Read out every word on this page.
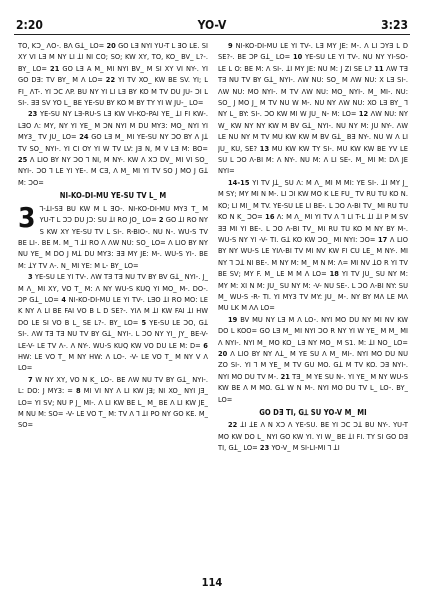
2:20	YO-V	3:23

TO, KƆ_ ΛO-. BΛ GꞱ_ LO= 20 GO LƎ NYI YU-T L ƎO LE. SI XY VI LƎ M NY LI ꞱI NI CO; SO; KW XY, TO, KO_ BV_ L?-. BY_ LO= 21 GO LƎ A M_ MI NYI BV_ M SI XY VI NY-. YI GO DƎ: TV BY_ M Λ LO= 22 YI TV XO_ KW BE SV. YI; L FI_ ΛT-. YI ƆC ΛP. BU NY YI LI LƎ BY KO M TV DU JU- ƆI L SI-. ƎƎ SV YO L_ BE YE-SU BY KO M BY TY YI W JU-_ LO=

23 YE-SU NY LƎ-RU-S LƎ KW VI-KO-PAI YE_ ꞱI FI KW-. LƎO Λ: MY, NY YI YE_ M ƆN NYI M DU MY3: MO_ NYI YI MY3_ TV JU_ LO= 24 GO LƎ M_ MI YE-SU NY ƆO BY Λ JꞱ TV SO_ NYI-. YI CI OY YI W TV LV: JƎ N, M V LƎ M: BO= 25 Λ LIO BY NY ƆO Ꞁ NI, M NY-. KW Λ XƆ DV_ MI VI SO_ NYI-. ƆO Ꞁ LE YI YE-. M CƎ, Λ M_ MI YI TV SO J MO J GꞱ M: ƆO=

NI-KO-DI-MU YE-SU TV L_ M
3 Ꞁ-ꞱI-SƎ BU KW M L ƎO-. NI-KO-DI-MU MY3 T_ M YU-T L ƆƆ DU JƆ: SU ꞱI RO JO_ LO= 2 GO ꞱI RO NY S KW XY YE-SU TV L SI-. R-BIO-. NU N-. WU-S TV BE LI-. BE M. M_ Ꞁ ꞱI RO Λ ΛW NU: SO_ LO= Λ LIO BY NY NU YE_ M DO J MꞱ DU MY3: ƎƎ MY JE: M-. WU-S YI-. BE M: ꞱY TV Λ-. N_ MI YE: M L- BY_ LO=

3 YE-SU LE YI TV-. ΛW TƎ TƎ NU TV BY BV GꞱ_ NYI-. J_ M Λ_ MI XY, VO T_ M: Λ NY WU-S KUQ YI MO_ M-. DO-. ƆP GꞱ_ LO= 4 NI-KO-DI-MU LE YI TV-. LƎO ꞱI RO MO: LE K NY Λ LI BE FAI VO B L D SE?-. YIΛ M ꞱI KW FAI ꞱI HW DO LE SI VO B L_ SE L?-. BY_ LO= 5 YE-SU LE ƆO, GꞱ SI-. ΛW TƎ TƎ NU TV BY GꞱ_ NYI-. L ƆO NY YI_ JY_ BE-V- LE-V- LE TV Λ-. Λ NY-. WU-S KUQ KW VO DU LE M: D= 6 HW: LE VO T_ M NY HW: Λ LO-. -V- LE VO T_ M NY V Λ LO=

7 W NY XY, VO N K_ LO-. BE ΛW NU TV BY GꞱ_ NYI-. L: DO: J MY3: = 8 MI VI NY Λ LI KW JƎ; NI XO_ NYI JƎ_ LO= YI SV; NU P J_ MI-. Λ LI KW BE L_ M_ BE Λ LI KW JE_ M NU M: SO= -V- LE VO T_ M: TV Λ Ꞁ ꞱI PO NY GO KE. M_ SO=

9 NI-KO-DI-MU LE YI TV-. LƎ MY JE: M-. Λ LI ƆYƎ L D SE?-. BE ƆP GꞱ_ LO= 10 YE-SU LE YI TV-. NU NY YI-SO-LE L O: BE M: Λ SI-. ꞱI MY JE: NU M: J ZI SE L? 11 ΛW TƎ TƎ NU TV BY GꞱ_ NYI-. ΛW NU: SO_ M ΛW NU: X LƎ SI-. ΛW NU: MO NYI-. M TV ΛW NU: MO_ NYI-. M_ MI-. NU: SO_ J MO J_ M TV NU W M-. NU NY ΛW NU: XO LƎ BY_ Ꞁ NY L_ BY: SI-. ƆO KW MI W JU_ N- M: LO= 12 ΛW NU: NY W_ KW NY NY KW M BV GꞱ_ NYI-. NU NY M: JU NY-. ΛW LE NU NY M TV MU KW KW M BV GꞱ_ BƎ NY-. NU W Λ LI JU_ KU, SE? 13 MU KW KW TY SI-. MU KW KW BE YV LE SU L ƆO Λ-BI M: Λ NY-. NU M: Λ LI SE-. M_ MI M: DΛ JE NYI=

14-15 YI TV JꞱ_ SU Λ: M Λ_ MI M MI: YE SI-. ꞱI MY J_ M SY; MY MI N M-. LI ƆI KW MO K LE FU_ TV RU TU KO N. KO; LI MI_ M TV. YE-SU LE LI BE-. L ƆO Λ-BI TV_ MI RU TU KO N K_ ƆO= 16 Λ: M Λ_ MI YI TV Λ Ꞁ LI T-L ꞱI ꞱI P M SV ƎƎ MI YI BE-. L ƆO Λ-BI TV_ MI RU TU KO M NY BY M-. WU-S NY YI -V- TI. GꞱ KO KW ƆO_ MI NYI: ƆO= 17 Λ LIO BY NY WU-S LE YIΛ-BI TV MI NV KW FI CU LE_ M NY-. MI NY Ꞁ ƆꞱ NI BE-. M NY M: M_ M N M: Λ= MI NV ꞱO R YI TV BE SV; MY F. M_ LE M M Λ LO= 18 YI TV JU_ SU NY M: MY M: XI N M: JU_ SU NY M: -V- NU SE-. L ƆO Λ-BI NY: SU M_ WU-S -R- TI. YI MY3 TV MY: JU_ M-. NY BY MΛ LE MΛ MU LK M ΛΛ LO=

19 BV MU NY LƎ M Λ LO-. NYI MO DU NY MI NV KW DO L KOO= GO LƎ M_ MI NYI ƆO R NY YI W YE_ M M_ MI Λ NYI-. NYI M_ MO KO_ LƎ NY MO_ M S1. M: ꞱI NO_ LO= 20 Λ LIO BY NY ΛꞱ_ M YE SU Λ M_ MI-. NYI MO DU NU ZO SI-. YI Ꞁ M YE_ M TV GU MO. GꞱ M TV KO. ƆƎ NYI-. NYI MO DU TV M-. 21 TƎ_ M YE SU N-. YI YE_ M NY WU-S KW BE Λ M MO. GꞱ W N M-. NYI MO DU TV L_ LO-. BY_ LO=

GO DƎ TI, GꞱ SU YO-V M_ MI

22 ꞱI ꞱE Λ N XƆ Λ YE-SU. BE YI ƆC ƆꞱ BU NY-. YU-T MO KW DO L_ NYI GO KW YI. YI W_ BE ꞱI FI. TY SI GO DƎ TI, GꞱ_ LO= 23 YO-V_ M SI-LI-MI Ꞁ ꞱI

114
